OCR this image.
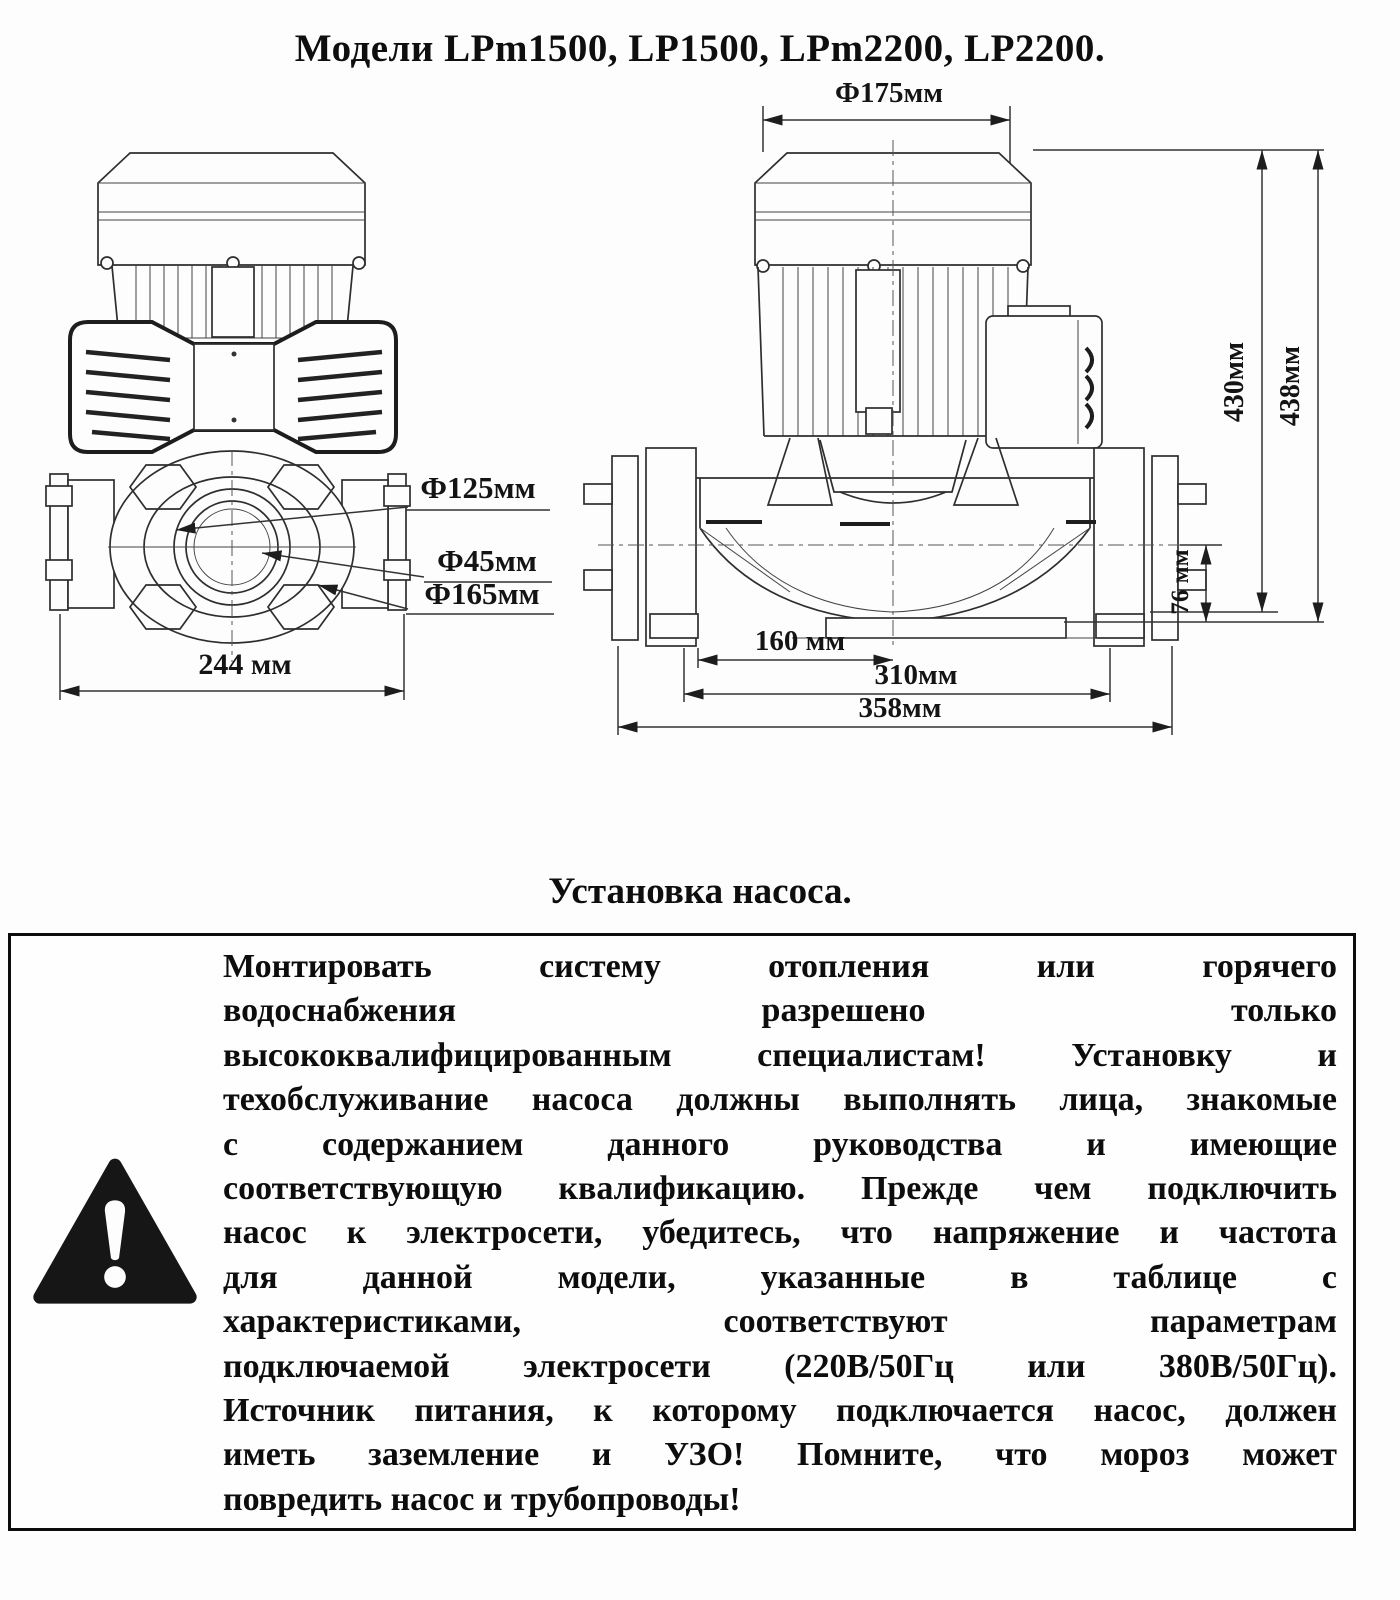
Модели LPm1500, LP1500, LPm2200, LP2200.
Ф125мм
Ф45мм
Ф165мм
244 мм
Ф175мм
430мм 438мм
76 мм
160 мм
310мм
358мм
Установка насоса.
Монтировать систему отопления или горячего
водоснабжения разрешено только
высококвалифицированным специалистам! Установку и
техобслуживание насоса должны выполнять лица, знакомые
с содержанием данного руководства и имеющие
соответствующую квалификацию. Прежде чем подключить
насос к электросети, убедитесь, что напряжение и частота
для данной модели, указанные в таблице с
характеристиками, соответствуют параметрам
подключаемой электросети (220В/50Гц или 380В/50Гц).
Источник питания, к которому подключается насос, должен
иметь заземление и УЗО! Помните, что мороз может
повредить насос и трубопроводы!
